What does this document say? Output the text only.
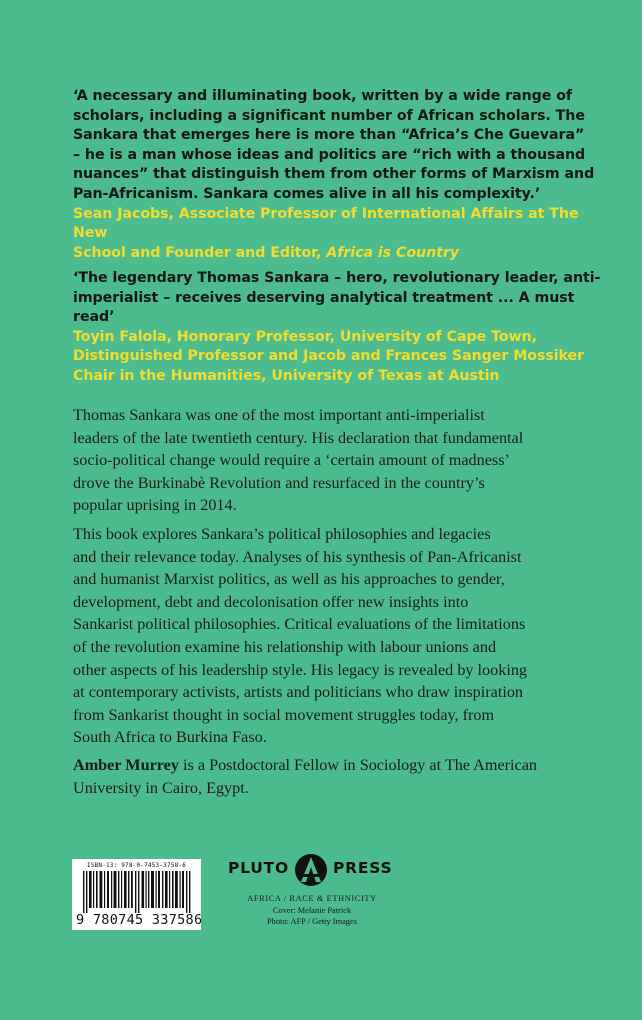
‘A necessary and illuminating book, written by a wide range of
scholars, including a significant number of African scholars. The
Sankara that emerges here is more than “Africa’s Che Guevara”
– he is a man whose ideas and politics are “rich with a thousand
nuances” that distinguish them from other forms of Marxism and
Pan-Africanism. Sankara comes alive in all his complexity.’
Sean Jacobs, Associate Professor of International Affairs at The New
School and Founder and Editor, Africa is Country

‘The legendary Thomas Sankara – hero, revolutionary leader, anti-
imperialist – receives deserving analytical treatment ... A must read’
Toyin Falola, Honorary Professor, University of Cape Town,
Distinguished Professor and Jacob and Frances Sanger Mossiker
Chair in the Humanities, University of Texas at Austin

Thomas Sankara was one of the most important anti-imperialist
leaders of the late twentieth century. His declaration that fundamental
socio-political change would require a ‘certain amount of madness’
drove the Burkinabè Revolution and resurfaced in the country’s
popular uprising in 2014.

This book explores Sankara’s political philosophies and legacies
and their relevance today. Analyses of his synthesis of Pan-Africanist
and humanist Marxist politics, as well as his approaches to gender,
development, debt and decolonisation offer new insights into
Sankarist political philosophies. Critical evaluations of the limitations
of the revolution examine his relationship with labour unions and
other aspects of his leadership style. His legacy is revealed by looking
at contemporary activists, artists and politicians who draw inspiration
from Sankarist thought in social movement struggles today, from
South Africa to Burkina Faso.

Amber Murrey is a Postdoctoral Fellow in Sociology at The American
University in Cairo, Egypt.

ISBN-13: 978-0-7453-3758-6
9 780745 337586
PLUTO	PRESS
AFRICA / RACE & ETHNICITY
Cover: Melanie Patrick
Photo: AFP / Getty Images
